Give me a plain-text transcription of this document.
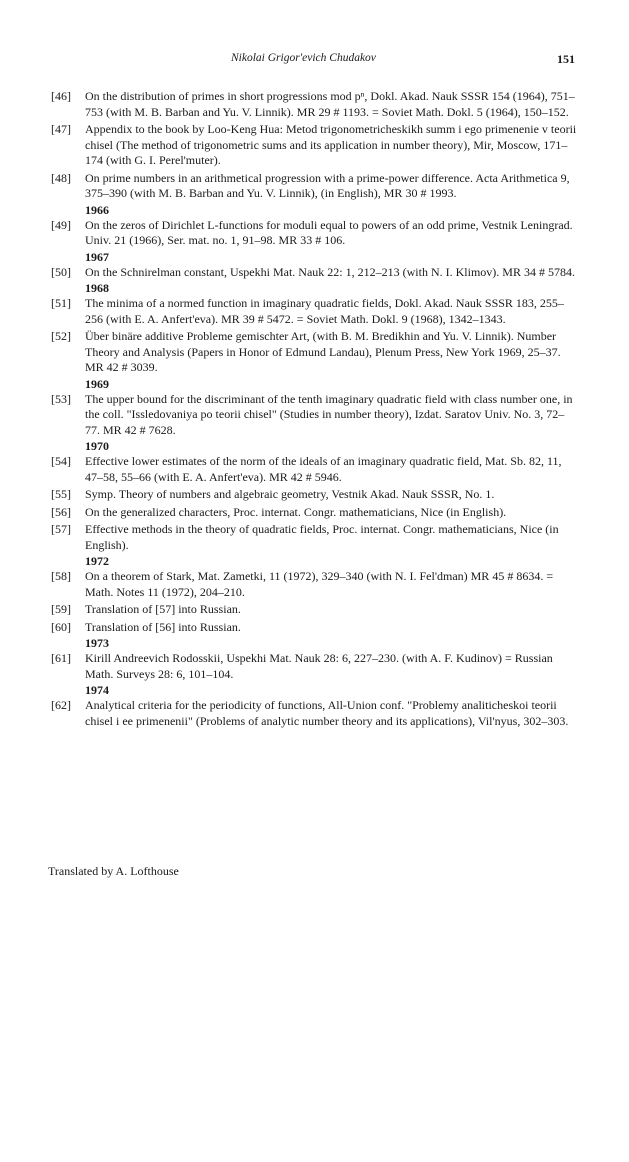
Nikolai Grigor'evich Chudakov	151
[46]	On the distribution of primes in short progressions mod pⁿ, Dokl. Akad. Nauk SSSR 154 (1964), 751–753 (with M. B. Barban and Yu. V. Linnik). MR 29 # 1193. = Soviet Math. Dokl. 5 (1964), 150–152.
[47]	Appendix to the book by Loo-Keng Hua: Metod trigonometricheskikh summ i ego primenenie v teorii chisel (The method of trigonometric sums and its application in number theory), Mir, Moscow, 171–174 (with G. I. Perel'muter).
[48]	On prime numbers in an arithmetical progression with a prime-power difference. Acta Arithmetica 9, 375–390 (with M. B. Barban and Yu. V. Linnik), (in English), MR 30 # 1993.
1966
[49]	On the zeros of Dirichlet L-functions for moduli equal to powers of an odd prime, Vestnik Leningrad. Univ. 21 (1966), Ser. mat. no. 1, 91–98. MR 33 # 106.
1967
[50]	On the Schnirelman constant, Uspekhi Mat. Nauk 22: 1, 212–213 (with N. I. Klimov). MR 34 # 5784.
1968
[51]	The minima of a normed function in imaginary quadratic fields, Dokl. Akad. Nauk SSSR 183, 255–256 (with E. A. Anfert'eva). MR 39 # 5472. = Soviet Math. Dokl. 9 (1968), 1342–1343.
[52]	Über binäre additive Probleme gemischter Art, (with B. M. Bredikhin and Yu. V. Linnik). Number Theory and Analysis (Papers in Honor of Edmund Landau), Plenum Press, New York 1969, 25–37. MR 42 # 3039.
1969
[53]	The upper bound for the discriminant of the tenth imaginary quadratic field with class number one, in the coll. "Issledovaniya po teorii chisel" (Studies in number theory), Izdat. Saratov Univ. No. 3, 72–77. MR 42 # 7628.
1970
[54]	Effective lower estimates of the norm of the ideals of an imaginary quadratic field, Mat. Sb. 82, 11, 47–58, 55–66 (with E. A. Anfert'eva). MR 42 # 5946.
[55]	Symp. Theory of numbers and algebraic geometry, Vestnik Akad. Nauk SSSR, No. 1.
[56]	On the generalized characters, Proc. internat. Congr. mathematicians, Nice (in English).
[57]	Effective methods in the theory of quadratic fields, Proc. internat. Congr. mathematicians, Nice (in English).
1972
[58]	On a theorem of Stark, Mat. Zametki, 11 (1972), 329–340 (with N. I. Fel'dman) MR 45 # 8634. = Math. Notes 11 (1972), 204–210.
[59]	Translation of [57] into Russian.
[60]	Translation of [56] into Russian.
1973
[61]	Kirill Andreevich Rodosskii, Uspekhi Mat. Nauk 28: 6, 227–230. (with A. F. Kudinov) = Russian Math. Surveys 28: 6, 101–104.
1974
[62]	Analytical criteria for the periodicity of functions, All-Union conf. "Problemy analiticheskoi teorii chisel i ee primenenii" (Problems of analytic number theory and its applications), Vil'nyus, 302–303.
Translated by A. Lofthouse
